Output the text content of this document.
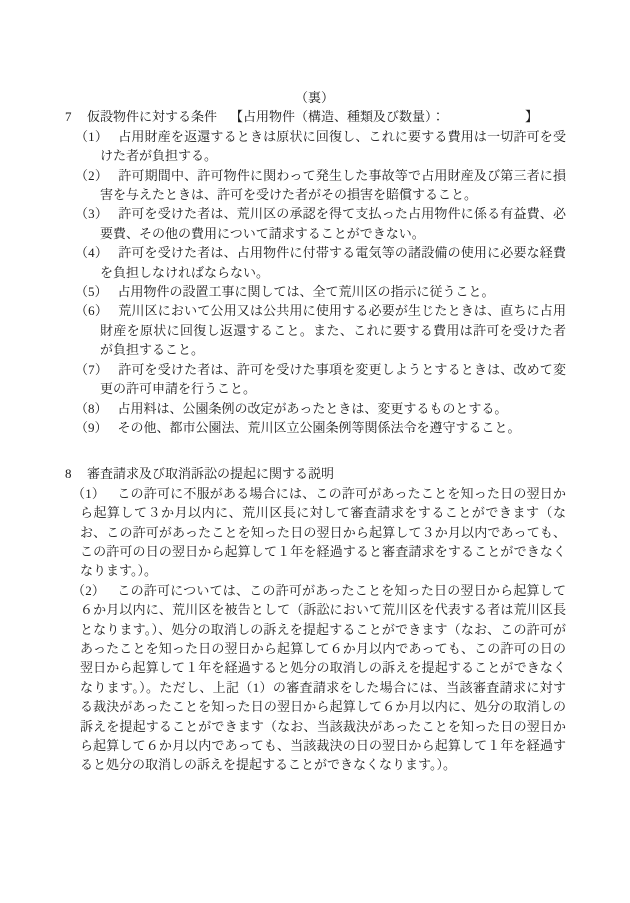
（裏）

7	仮設物件に対する条件 【占用物件（構造、種類及び数量）：	】

（1） 占用財産を返還するときは原状に回復し、これに要する費用は一切許可を受けた者が負担する。

（2） 許可期間中、許可物件に関わって発生した事故等で占用財産及び第三者に損害を与えたときは、許可を受けた者がその損害を賠償すること。

（3） 許可を受けた者は、荒川区の承認を得て支払った占用物件に係る有益費、必要費、その他の費用について請求することができない。

（4） 許可を受けた者は、占用物件に付帯する電気等の諸設備の使用に必要な経費を負担しなければならない。

（5） 占用物件の設置工事に関しては、全て荒川区の指示に従うこと。

（6） 荒川区において公用又は公共用に使用する必要が生じたときは、直ちに占用財産を原状に回復し返還すること。また、これに要する費用は許可を受けた者が負担すること。

（7） 許可を受けた者は、許可を受けた事項を変更しようとするときは、改めて変更の許可申請を行うこと。

（8） 占用料は、公園条例の改定があったときは、変更するものとする。

（9） その他、都市公園法、荒川区立公園条例等関係法令を遵守すること。

8	審査請求及び取消訴訟の提起に関する説明

（1） この許可に不服がある場合には、この許可があったことを知った日の翌日から起算して３か月以内に、荒川区長に対して審査請求をすることができます（なお、この許可があったことを知った日の翌日から起算して３か月以内であっても、この許可の日の翌日から起算して１年を経過すると審査請求をすることができなくなります。）。

（2） この許可については、この許可があったことを知った日の翌日から起算して６か月以内に、荒川区を被告として（訴訟において荒川区を代表する者は荒川区長となります。）、処分の取消しの訴えを提起することができます（なお、この許可があったことを知った日の翌日から起算して６か月以内であっても、この許可の日の翌日から起算して１年を経過すると処分の取消しの訴えを提起することができなくなります。）。ただし、上記（1）の審査請求をした場合には、当該審査請求に対する裁決があったことを知った日の翌日から起算して６か月以内に、処分の取消しの訴えを提起することができます（なお、当該裁決があったことを知った日の翌日から起算して６か月以内であっても、当該裁決の日の翌日から起算して１年を経過すると処分の取消しの訴えを提起することができなくなります。）。
